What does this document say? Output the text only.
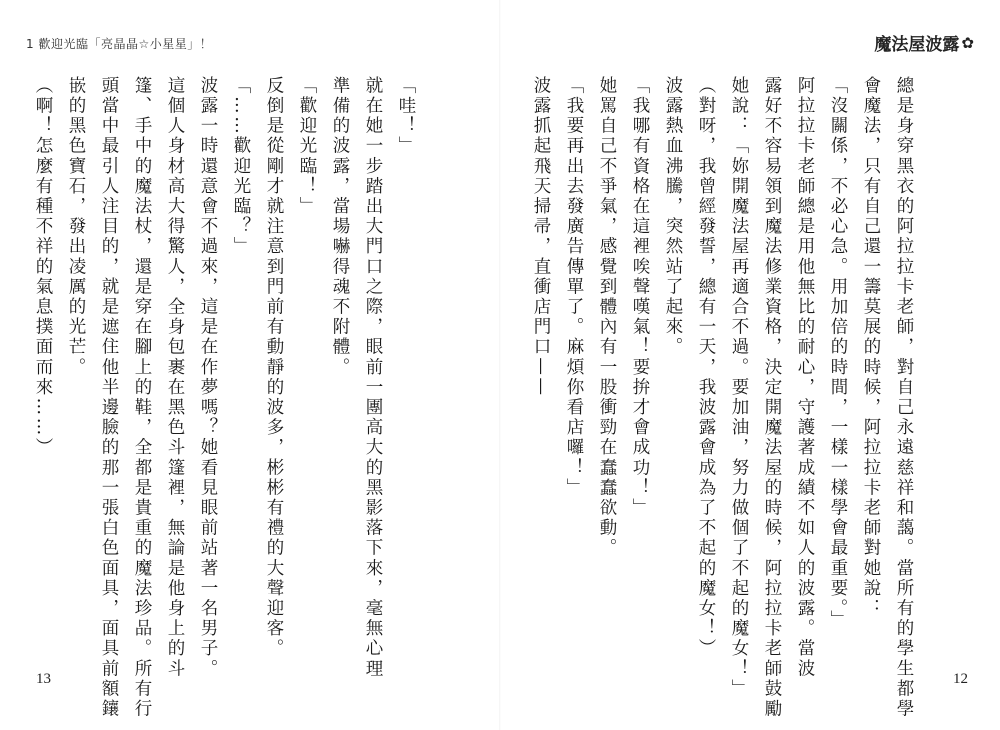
1 歡迎光臨「亮晶晶☆小星星」！	魔法屋波露 ✿
總是身穿黑衣的阿拉拉卡老師，對自己永遠慈祥和藹。當所有的學生都學
會魔法，只有自己還一籌莫展的時候，阿拉拉卡老師對她說：
「沒關係，不必心急。用加倍的時間，一樣一樣學會最重要。」
阿拉拉卡老師總是用他無比的耐心，守護著成績不如人的波露。當波
露好不容易領到魔法修業資格，決定開魔法屋的時候，阿拉拉卡老師鼓勵
她說：「妳開魔法屋再適合不過。要加油，努力做個了不起的魔女！」
（對呀，我曾經發誓，總有一天，我波露會成為了不起的魔女！）
波露熱血沸騰，突然站了起來。
「我哪有資格在這裡唉聲嘆氣！要拚才會成功！」
她罵自己不爭氣，感覺到體內有一股衝勁在蠢蠢欲動。
「我要再出去發廣告傳單了。麻煩你看店囉！」
波露抓起飛天掃帚，直衝店門口——
「哇！」
就在她一步踏出大門口之際，眼前一團高大的黑影落下來，毫無心理
準備的波露，當場嚇得魂不附體。
「歡迎光臨！」
反倒是從剛才就注意到門前有動靜的波多，彬彬有禮的大聲迎客。
「……歡迎光臨？」
波露一時還意會不過來，這是在作夢嗎？她看見眼前站著一名男子。
這個人身材高大得驚人，全身包裹在黑色斗篷裡，無論是他身上的斗
篷、手中的魔法杖，還是穿在腳上的鞋，全都是貴重的魔法珍品。所有行
頭當中最引人注目的，就是遮住他半邊臉的那一張白色面具，面具前額鑲
嵌的黑色寶石，發出凌厲的光芒。
（啊！怎麼有種不祥的氣息撲面而來……）
13	12
